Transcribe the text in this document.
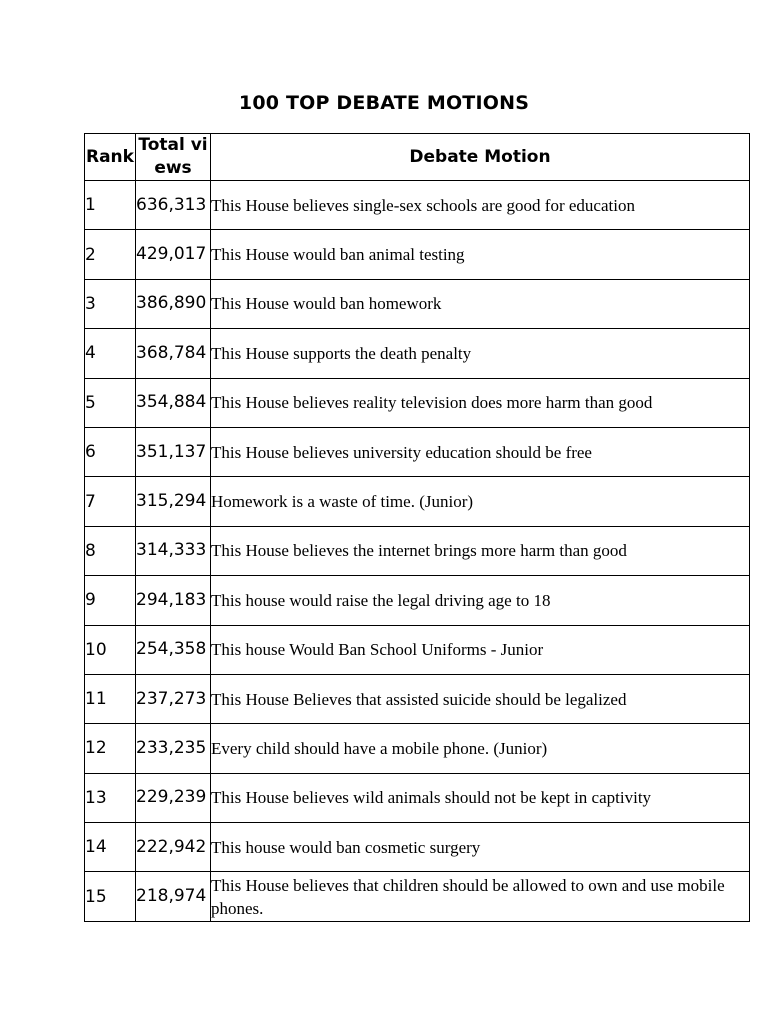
100 TOP DEBATE MOTIONS
Rank	Total views	Debate Motion
1	636,313	This House believes single-sex schools are good for education
2	429,017	This House would ban animal testing
3	386,890	This House would ban homework
4	368,784	This House supports the death penalty
5	354,884	This House believes reality television does more harm than good
6	351,137	This House believes university education should be free
7	315,294	Homework is a waste of time. (Junior)
8	314,333	This House believes the internet brings more harm than good
9	294,183	This house would raise the legal driving age to 18
10	254,358	This house Would Ban School Uniforms - Junior
11	237,273	This House Believes that assisted suicide should be legalized
12	233,235	Every child should have a mobile phone. (Junior)
13	229,239	This House believes wild animals should not be kept in captivity
14	222,942	This house would ban cosmetic surgery
15	218,974	This House believes that children should be allowed to own and use mobile phones.
